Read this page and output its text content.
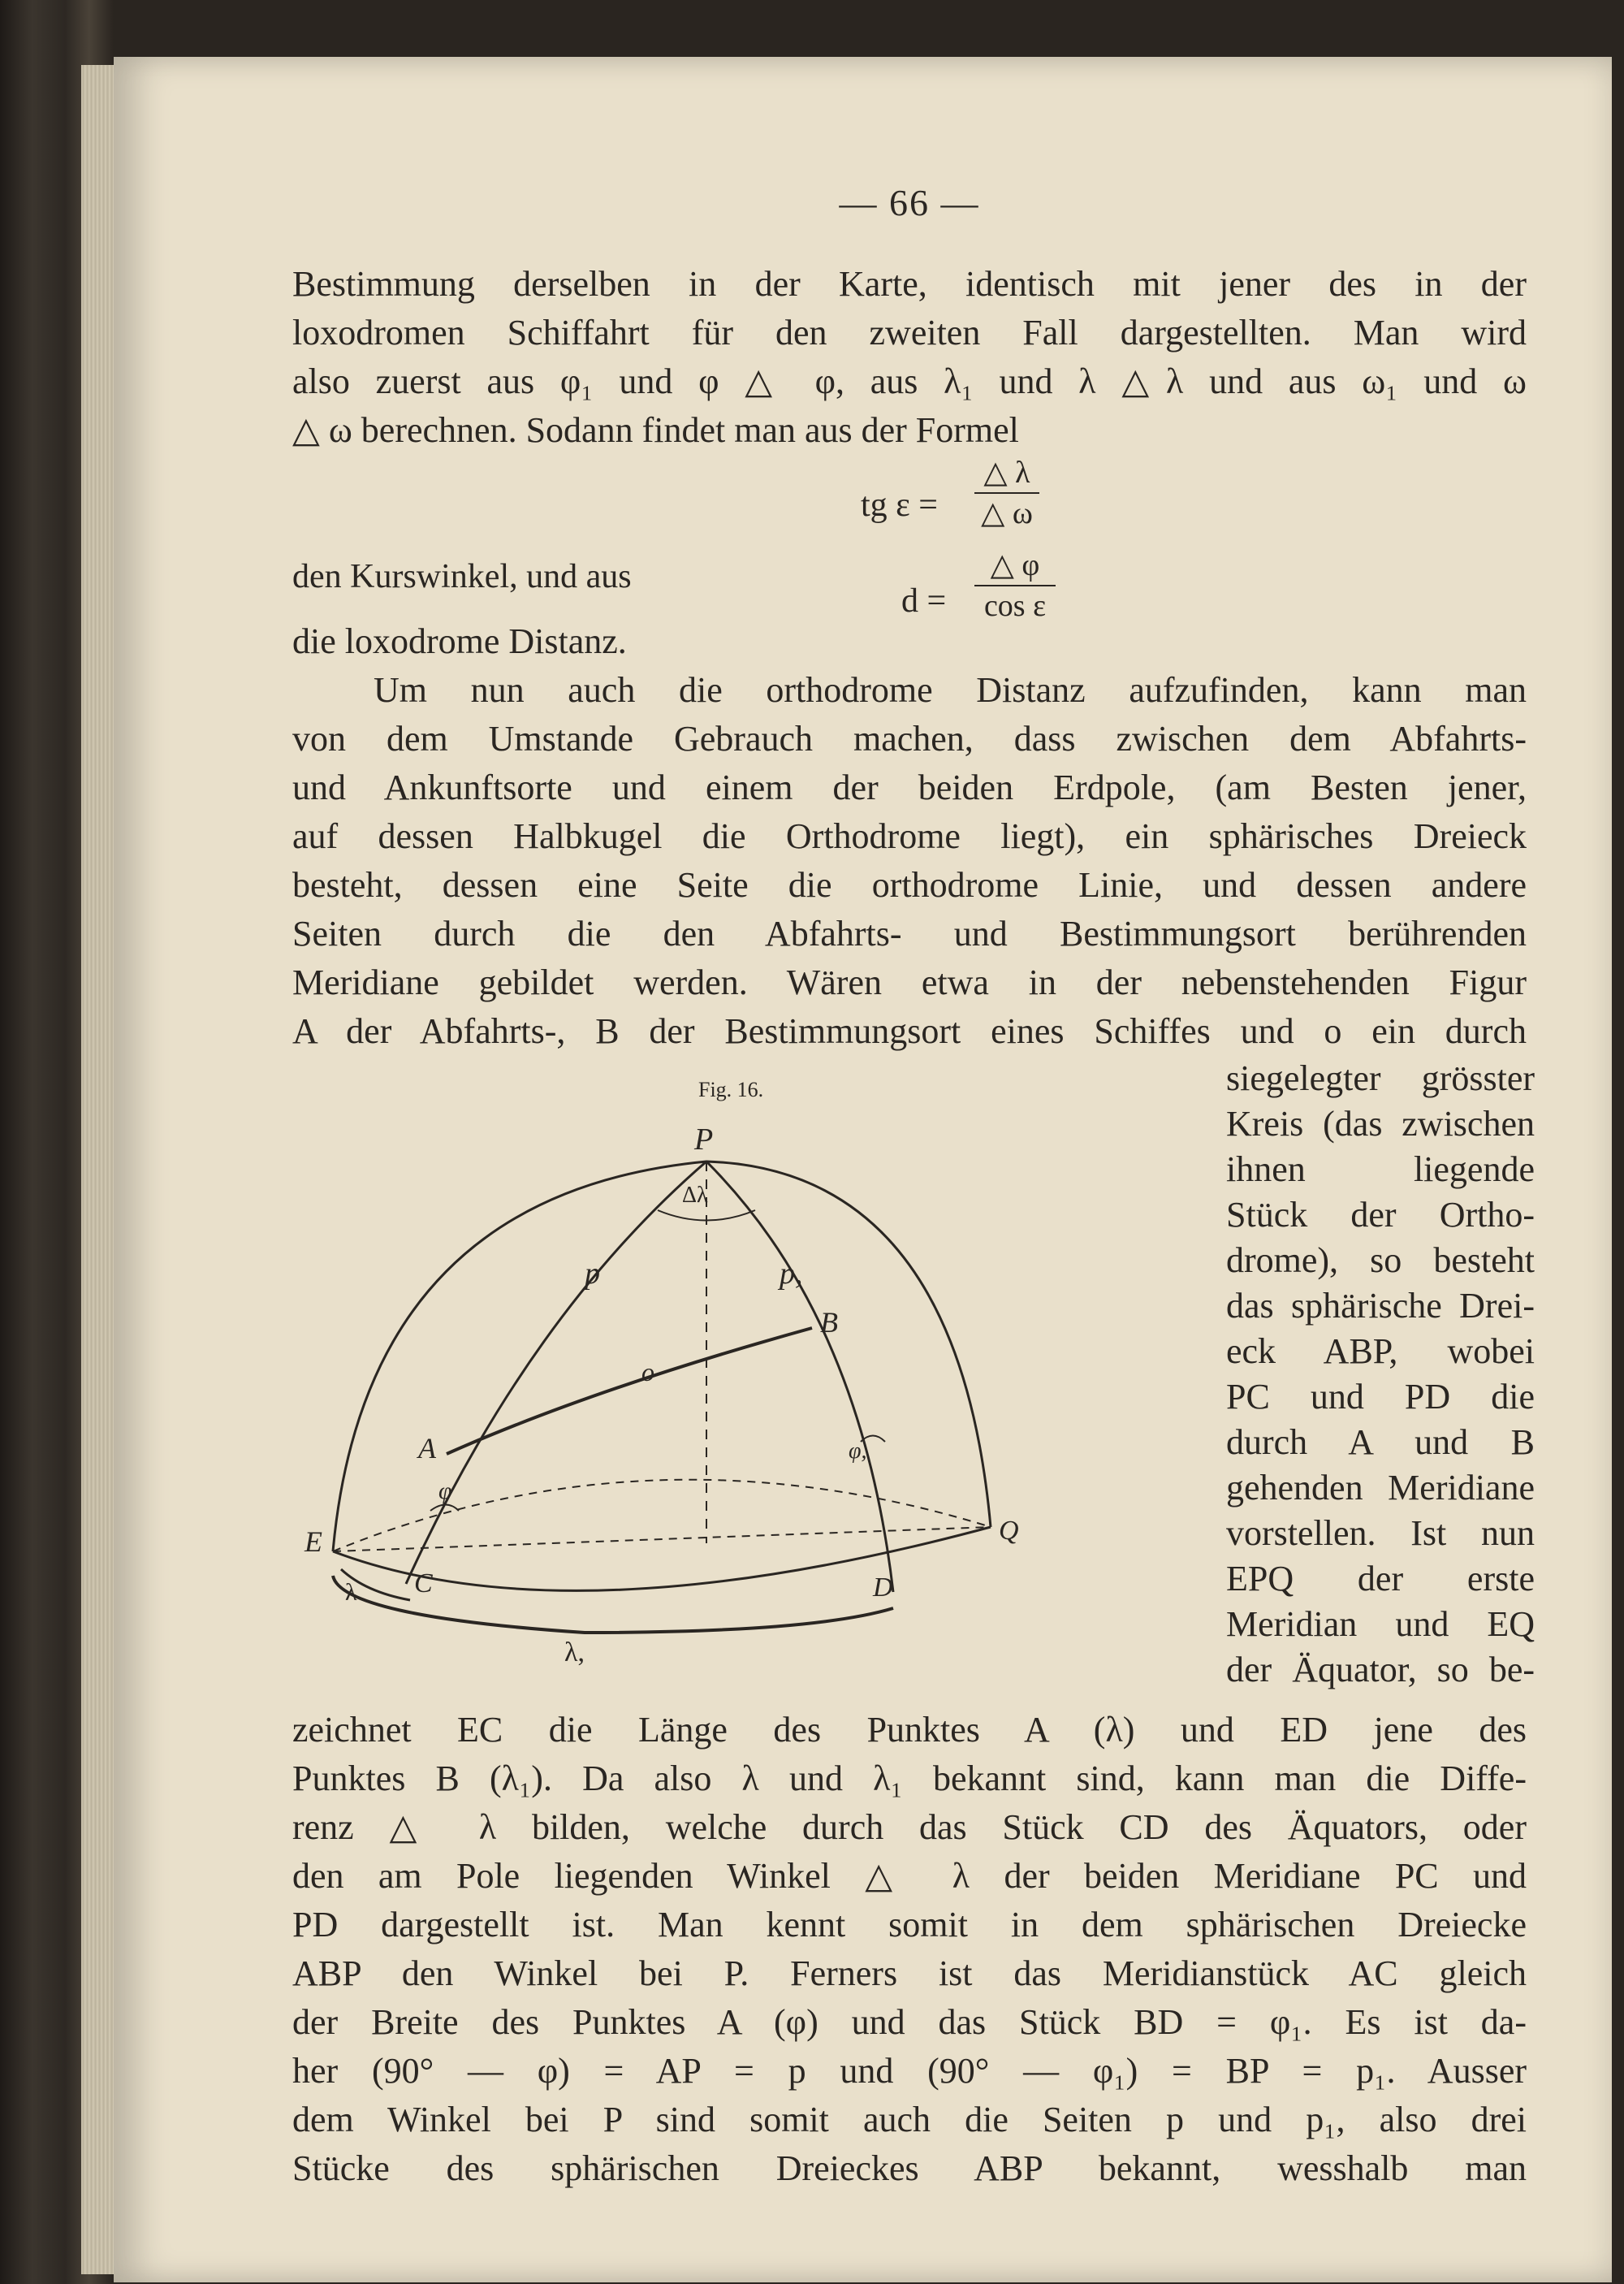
— 66 —
Bestimmung derselben in der Karte, identisch mit jener des in der
loxodromen Schiffahrt für den zweiten Fall dargestellten. Man wird
also zuerst aus φ₁ und φ △ φ, aus λ₁ und λ △λ und aus ω₁ und ω
△ ω berechnen. Sodann findet man aus der Formel
tg ε =
△ λ
△ ω
den Kurswinkel, und aus
d =
△ φ
cos ε
die loxodrome Distanz.
Um nun auch die orthodrome Distanz aufzufinden, kann man
von dem Umstande Gebrauch machen, dass zwischen dem Abfahrts-
und Ankunftsorte und einem der beiden Erdpole, (am Besten jener,
auf dessen Halbkugel die Orthodrome liegt), ein sphärisches Dreieck
besteht, dessen eine Seite die orthodrome Linie, und dessen andere
Seiten durch die den Abfahrts- und Bestimmungsort berührenden
Meridiane gebildet werden. Wären etwa in der nebenstehenden Figur
A der Abfahrts-, B der Bestimmungsort eines Schiffes und o ein durch
Fig. 16.
P
Δλ
p	p,
B
o
A	φ,
φ
E	Q
C	D
λ
λ,
siegelegter grösster
Kreis (das zwischen
ihnen liegende
Stück der Ortho-
drome), so besteht
das sphärische Drei-
eck ABP, wobei
PC und PD die
durch A und B
gehenden Meridiane
vorstellen. Ist nun
EPQ der erste
Meridian und EQ
der Äquator, so be-
zeichnet EC die Länge des Punktes A (λ) und ED jene des
Punktes B (λ₁). Da also λ und λ₁ bekannt sind, kann man die Diffe-
renz △ λ bilden, welche durch das Stück CD des Äquators, oder
den am Pole liegenden Winkel △ λ der beiden Meridiane PC und
PD dargestellt ist. Man kennt somit in dem sphärischen Dreiecke
ABP den Winkel bei P. Ferners ist das Meridianstück AC gleich
der Breite des Punktes A (φ) und das Stück BD = φ₁. Es ist da-
her (90° — φ) = AP = p und (90° — φ₁) = BP = p₁. Ausser
dem Winkel bei P sind somit auch die Seiten p und p₁, also drei
Stücke des sphärischen Dreieckes ABP bekannt, wesshalb man
